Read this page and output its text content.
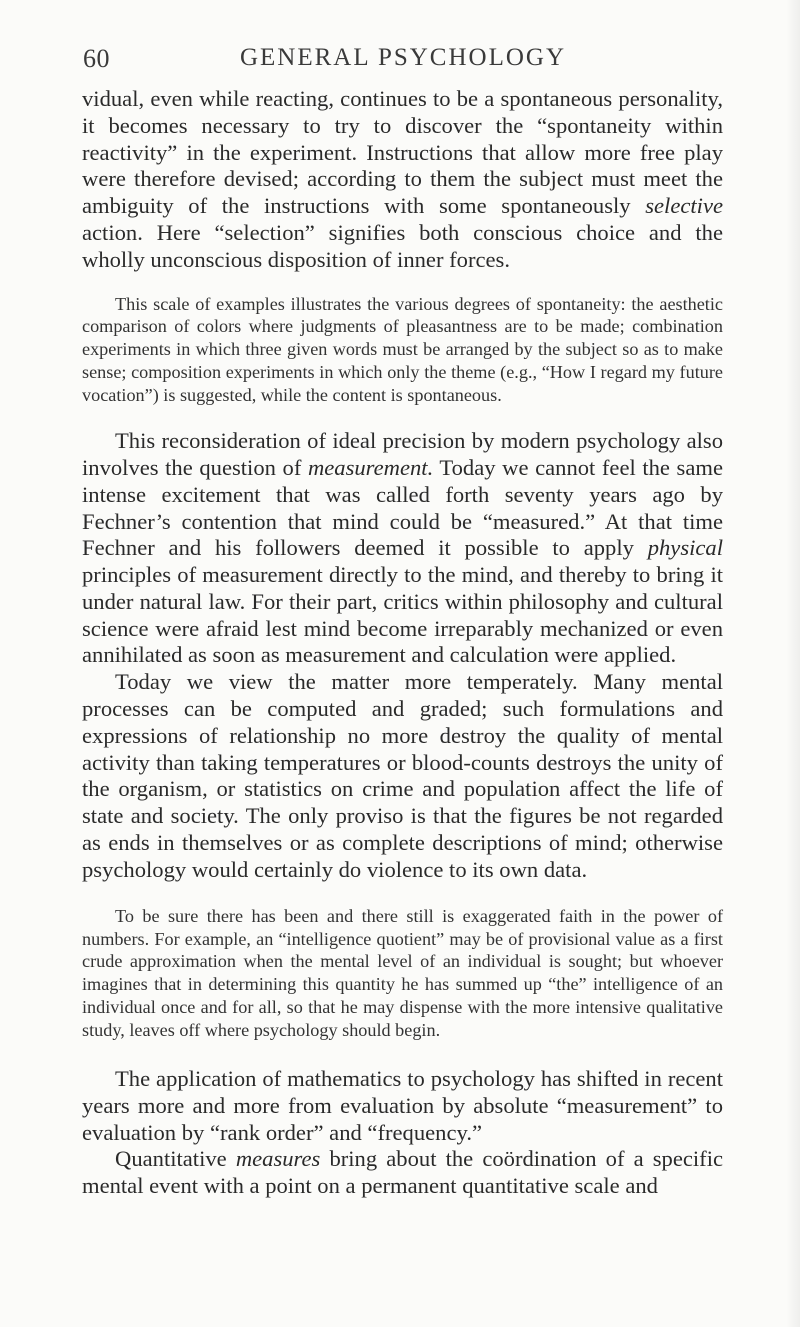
60	GENERAL PSYCHOLOGY

vidual, even while reacting, continues to be a spontaneous personality, it becomes necessary to try to discover the “spontaneity within reactivity” in the experiment. Instructions that allow more free play were therefore devised; according to them the subject must meet the ambiguity of the instructions with some spontaneously selective action. Here “selection” signifies both conscious choice and the wholly unconscious disposition of inner forces.

This scale of examples illustrates the various degrees of spontaneity: the aesthetic comparison of colors where judgments of pleasantness are to be made; combination experiments in which three given words must be arranged by the subject so as to make sense; composition experiments in which only the theme (e.g., “How I regard my future vocation”) is suggested, while the content is spontaneous.

This reconsideration of ideal precision by modern psychology also involves the question of measurement. Today we cannot feel the same intense excitement that was called forth seventy years ago by Fechner’s contention that mind could be “measured.” At that time Fechner and his followers deemed it possible to apply physical principles of measurement directly to the mind, and thereby to bring it under natural law. For their part, critics within philosophy and cultural science were afraid lest mind become irreparably mechanized or even annihilated as soon as measurement and calculation were applied.

Today we view the matter more temperately. Many mental processes can be computed and graded; such formulations and expressions of relationship no more destroy the quality of mental activity than taking temperatures or blood-counts destroys the unity of the organism, or statistics on crime and population affect the life of state and society. The only proviso is that the figures be not regarded as ends in themselves or as complete descriptions of mind; otherwise psychology would certainly do violence to its own data.

To be sure there has been and there still is exaggerated faith in the power of numbers. For example, an “intelligence quotient” may be of provisional value as a first crude approximation when the mental level of an individual is sought; but whoever imagines that in determining this quantity he has summed up “the” intelligence of an individual once and for all, so that he may dispense with the more intensive qualitative study, leaves off where psychology should begin.

The application of mathematics to psychology has shifted in recent years more and more from evaluation by absolute “measurement” to evaluation by “rank order” and “frequency.”

Quantitative measures bring about the coördination of a specific mental event with a point on a permanent quantitative scale and
